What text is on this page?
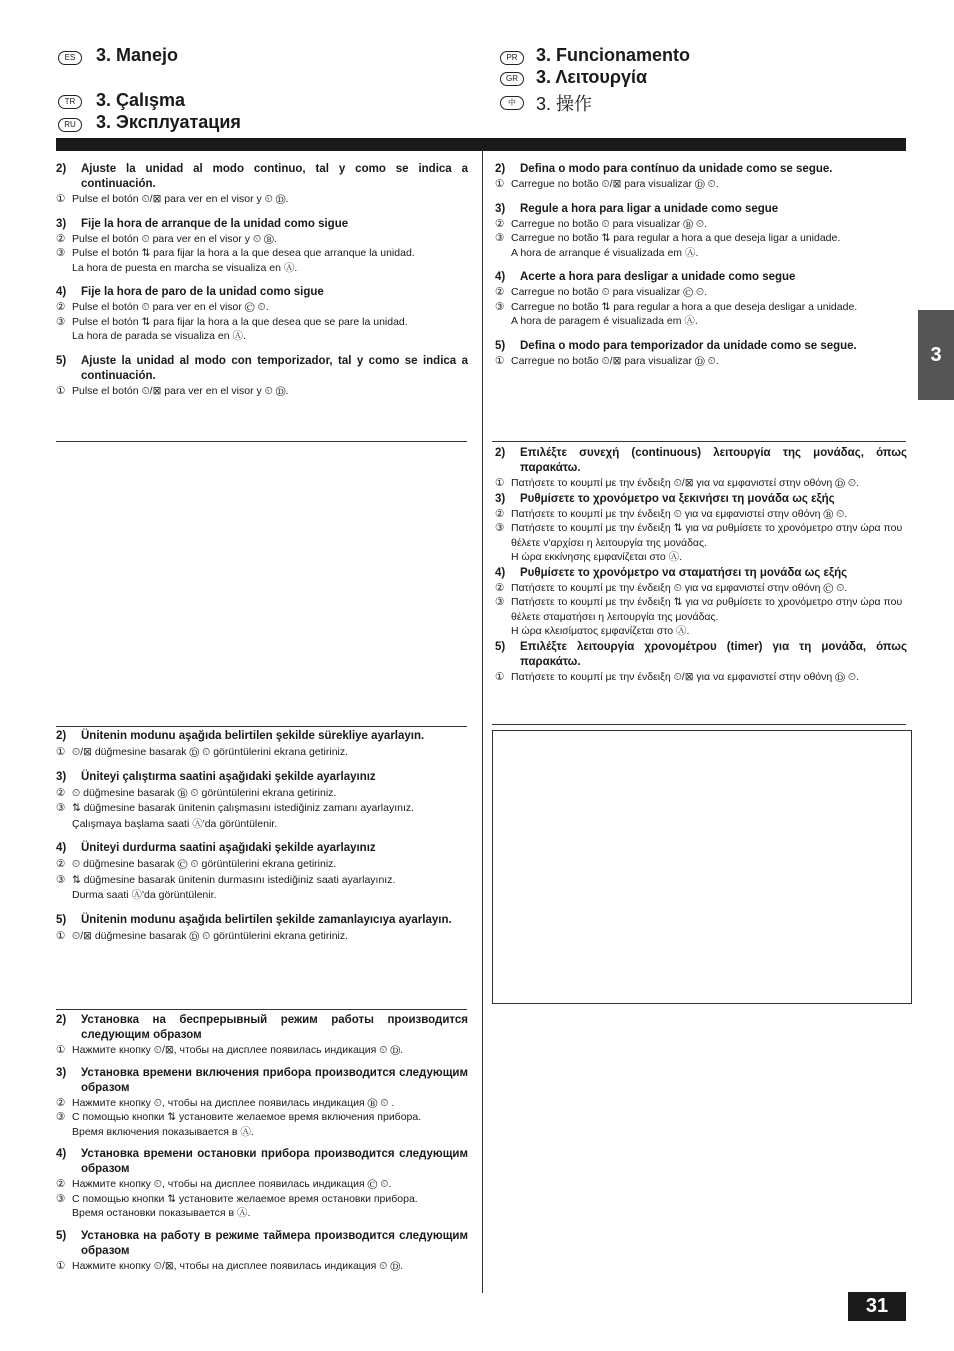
ES	3. Manejo
TR	3. Çalışma
RU	3. Эксплуатация
PR	3. Funcionamento
GR	3. Λειτουργία
中	3. 操作
3
31
2)	Ajuste la unidad al modo continuo, tal y como se indica a continuación.
① Pulse el botón ⏲/⊠ para ver en el visor y ⏲ Ⓓ.
3)	Fije la hora de arranque de la unidad como sigue
② Pulse el botón ⏲ para ver en el visor y ⏲ Ⓑ.
③ Pulse el botón ⇅ para fijar la hora a la que desea que arranque la unidad.
La hora de puesta en marcha se visualiza en Ⓐ.
4)	Fije la hora de paro de la unidad como sigue
② Pulse el botón ⏲ para ver en el visor Ⓒ ⏲.
③ Pulse el botón ⇅ para fijar la hora a la que desea que se pare la unidad.
La hora de parada se visualiza en Ⓐ.
5)	Ajuste la unidad al modo con temporizador, tal y como se indica a continuación.
① Pulse el botón ⏲/⊠ para ver en el visor y ⏲ Ⓓ.
2)	Defina o modo para contínuo da unidade como se segue.
① Carregue no botão ⏲/⊠ para visualizar Ⓓ ⏲.
3)	Regule a hora para ligar a unidade como segue
② Carregue no botão ⏲ para visualizar Ⓑ ⏲.
③ Carregue no botão ⇅ para regular a hora a que deseja ligar a unidade.
A hora de arranque é visualizada em Ⓐ.
4)	Acerte a hora para desligar a unidade como segue
② Carregue no botão ⏲ para visualizar Ⓒ ⏲.
③ Carregue no botão ⇅ para regular a hora a que deseja desligar a unidade.
A hora de paragem é visualizada em Ⓐ.
5)	Defina o modo para temporizador da unidade como se segue.
① Carregue no botão ⏲/⊠ para visualizar Ⓓ ⏲.
2)	Επιλέξτε συνεχή (continuous) λειτουργία της μονάδας, όπως παρακάτω.
① Πατήσετε το κουμπί με την ένδειξη ⏲/⊠ για να εμφανιστεί στην οθόνη Ⓓ ⏲.
3)	Ρυθμίσετε το χρονόμετρο να ξεκινήσει τη μονάδα ως εξής
② Πατήσετε το κουμπί με την ένδειξη ⏲ για να εμφανιστεί στην οθόνη Ⓑ ⏲.
③ Πατήσετε το κουμπί με την ένδειξη ⇅ για να ρυθμίσετε το χρονόμετρο στην ώρα που θέλετε ν'αρχίσει η λειτουργία της μονάδας.
Η ώρα εκκίνησης εμφανίζεται στο Ⓐ.
4)	Ρυθμίσετε το χρονόμετρο να σταματήσει τη μονάδα ως εξής
② Πατήσετε το κουμπί με την ένδειξη ⏲ για να εμφανιστεί στην οθόνη Ⓒ ⏲.
③ Πατήσετε το κουμπί με την ένδειξη ⇅ για να ρυθμίσετε το χρονόμετρο στην ώρα που θέλετε σταματήσει η λειτουργία της μονάδας.
Η ώρα κλεισίματος εμφανίζεται στο Ⓐ.
5)	Επιλέξτε λειτουργία χρονομέτρου (timer) για τη μονάδα, όπως παρακάτω.
① Πατήσετε το κουμπί με την ένδειξη ⏲/⊠ για να εμφανιστεί στην οθόνη Ⓓ ⏲.
2)	Ünitenin modunu aşağıda belirtilen şekilde sürekliye ayarlayın.
① ⏲/⊠ düğmesine basarak Ⓓ ⏲ görüntülerini ekrana getiriniz.
3)	Üniteyi çalıştırma saatini aşağıdaki şekilde ayarlayınız
② ⏲ düğmesine basarak Ⓑ ⏲ görüntülerini ekrana getiriniz.
③ ⇅ düğmesine basarak ünitenin çalışmasını istediğiniz zamanı ayarlayınız.
Çalışmaya başlama saati Ⓐ'da görüntülenir.
4)	Üniteyi durdurma saatini aşağıdaki şekilde ayarlayınız
② ⏲ düğmesine basarak Ⓒ ⏲ görüntülerini ekrana getiriniz.
③ ⇅ düğmesine basarak ünitenin durmasını istediğiniz saati ayarlayınız.
Durma saati Ⓐ'da görüntülenir.
5)	Ünitenin modunu aşağıda belirtilen şekilde zamanlayıcıya ayarlayın.
① ⏲/⊠ düğmesine basarak Ⓓ ⏲ görüntülerini ekrana getiriniz.
2)	Установка на беспрерывный режим работы производится следующим образом
① Нажмите кнопку ⏲/⊠, чтобы на дисплее появилась индикация ⏲ Ⓓ.
3)	Установка времени включения прибора производится следующим образом
② Нажмите кнопку ⏲, чтобы на дисплее появилась индикация Ⓑ ⏲ .
③ С помощью кнопки ⇅ установите желаемое время включения прибора.
Время включения показывается в Ⓐ.
4)	Установка времени остановки прибора производится следующим образом
② Нажмите кнопку ⏲, чтобы на дисплее появилась индикация Ⓒ ⏲.
③ С помощью кнопки ⇅ установите желаемое время остановки прибора.
Время остановки показывается в Ⓐ.
5)	Установка на работу в режиме таймера производится следующим образом
① Нажмите кнопку ⏲/⊠, чтобы на дисплее появилась индикация ⏲ Ⓓ.
